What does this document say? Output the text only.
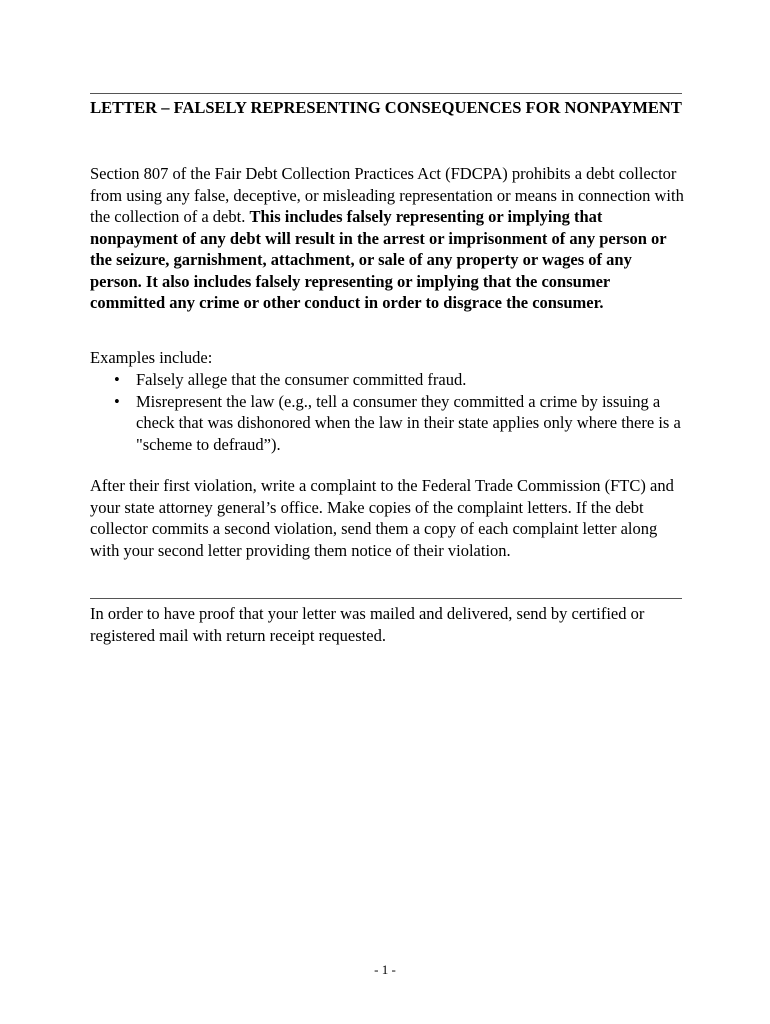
LETTER – FALSELY REPRESENTING CONSEQUENCES FOR NONPAYMENT

Section 807 of the Fair Debt Collection Practices Act (FDCPA) prohibits a debt collector from using any false, deceptive, or misleading representation or means in connection with the collection of a debt. This includes falsely representing or implying that nonpayment of any debt will result in the arrest or imprisonment of any person or the seizure, garnishment, attachment, or sale of any property or wages of any person. It also includes falsely representing or implying that the consumer committed any crime or other conduct in order to disgrace the consumer.

Examples include:

• Falsely allege that the consumer committed fraud.
• Misrepresent the law (e.g., tell a consumer they committed a crime by issuing a check that was dishonored when the law in their state applies only where there is a "scheme to defraud”).

After their first violation, write a complaint to the Federal Trade Commission (FTC) and your state attorney general’s office. Make copies of the complaint letters. If the debt collector commits a second violation, send them a copy of each complaint letter along with your second letter providing them notice of their violation.

In order to have proof that your letter was mailed and delivered, send by certified or registered mail with return receipt requested.

- 1 -
